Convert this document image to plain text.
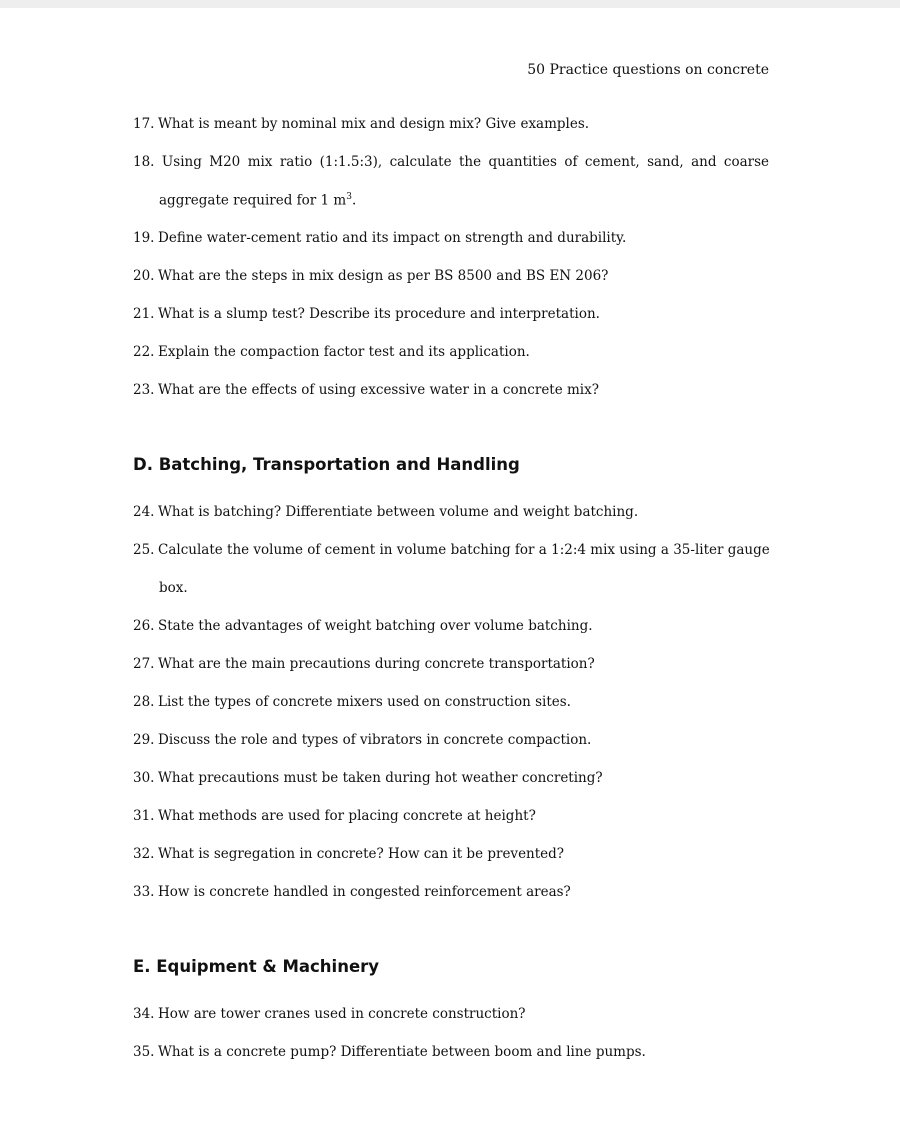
50 Practice questions on concrete
17. What is meant by nominal mix and design mix? Give examples.
18. Using M20 mix ratio (1:1.5:3), calculate the quantities of cement, sand, and coarse
aggregate required for 1 $m^3$.
19. Define water-cement ratio and its impact on strength and durability.
20. What are the steps in mix design as per BS 8500 and BS EN 206?
21. What is a slump test? Describe its procedure and interpretation.
22. Explain the compaction factor test and its application.
23. What are the effects of using excessive water in a concrete mix?
D. Batching, Transportation and Handling
24. What is batching? Differentiate between volume and weight batching.
25. Calculate the volume of cement in volume batching for a 1:2:4 mix using a 35-liter gauge
box.
26. State the advantages of weight batching over volume batching.
27. What are the main precautions during concrete transportation?
28. List the types of concrete mixers used on construction sites.
29. Discuss the role and types of vibrators in concrete compaction.
30. What precautions must be taken during hot weather concreting?
31. What methods are used for placing concrete at height?
32. What is segregation in concrete? How can it be prevented?
33. How is concrete handled in congested reinforcement areas?
E. Equipment & Machinery
34. How are tower cranes used in concrete construction?
35. What is a concrete pump? Differentiate between boom and line pumps.
